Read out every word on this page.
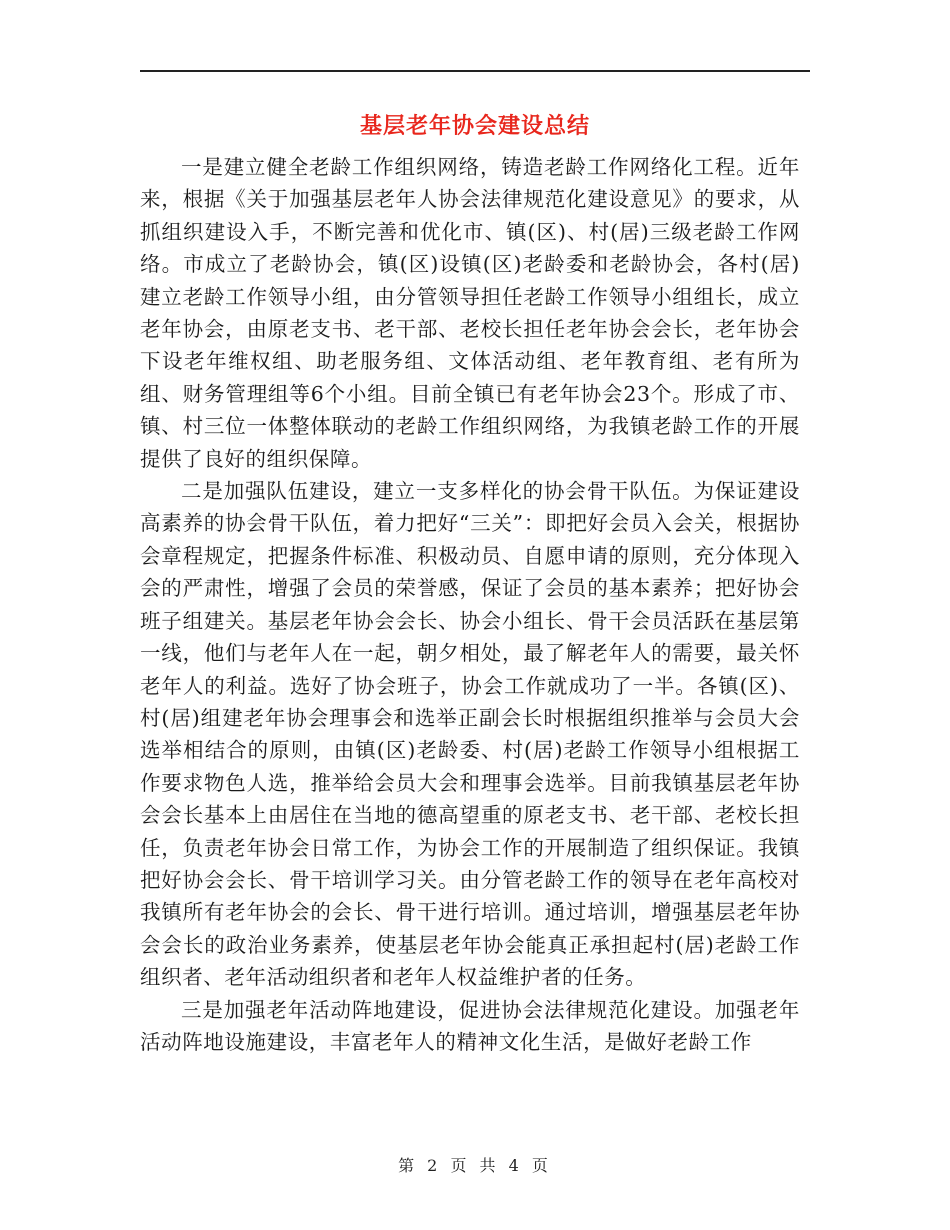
基层老年协会建设总结

一是建立健全老龄工作组织网络，铸造老龄工作网络化工程。近年来，根据《关于加强基层老年人协会法律规范化建设意见》的要求，从抓组织建设入手，不断完善和优化市、镇(区)、村(居)三级老龄工作网络。市成立了老龄协会，镇(区)设镇(区)老龄委和老龄协会，各村(居)建立老龄工作领导小组，由分管领导担任老龄工作领导小组组长，成立老年协会，由原老支书、老干部、老校长担任老年协会会长，老年协会下设老年维权组、助老服务组、文体活动组、老年教育组、老有所为组、财务管理组等6个小组。目前全镇已有老年协会23个。形成了市、镇、村三位一体整体联动的老龄工作组织网络，为我镇老龄工作的开展提供了良好的组织保障。

二是加强队伍建设，建立一支多样化的协会骨干队伍。为保证建设高素养的协会骨干队伍，着力把好“三关”：即把好会员入会关，根据协会章程规定，把握条件标准、积极动员、自愿申请的原则，充分体现入会的严肃性，增强了会员的荣誉感，保证了会员的基本素养；把好协会班子组建关。基层老年协会会长、协会小组长、骨干会员活跃在基层第一线，他们与老年人在一起，朝夕相处，最了解老年人的需要，最关怀老年人的利益。选好了协会班子，协会工作就成功了一半。各镇(区)、村(居)组建老年协会理事会和选举正副会长时根据组织推举与会员大会选举相结合的原则，由镇(区)老龄委、村(居)老龄工作领导小组根据工作要求物色人选，推举给会员大会和理事会选举。目前我镇基层老年协会会长基本上由居住在当地的德高望重的原老支书、老干部、老校长担任，负责老年协会日常工作，为协会工作的开展制造了组织保证。我镇把好协会会长、骨干培训学习关。由分管老龄工作的领导在老年高校对我镇所有老年协会的会长、骨干进行培训。通过培训，增强基层老年协会会长的政治业务素养，使基层老年协会能真正承担起村(居)老龄工作组织者、老年活动组织者和老年人权益维护者的任务。

三是加强老年活动阵地建设，促进协会法律规范化建设。加强老年活动阵地设施建设，丰富老年人的精神文化生活，是做好老龄工作

第 2 页 共 4 页
